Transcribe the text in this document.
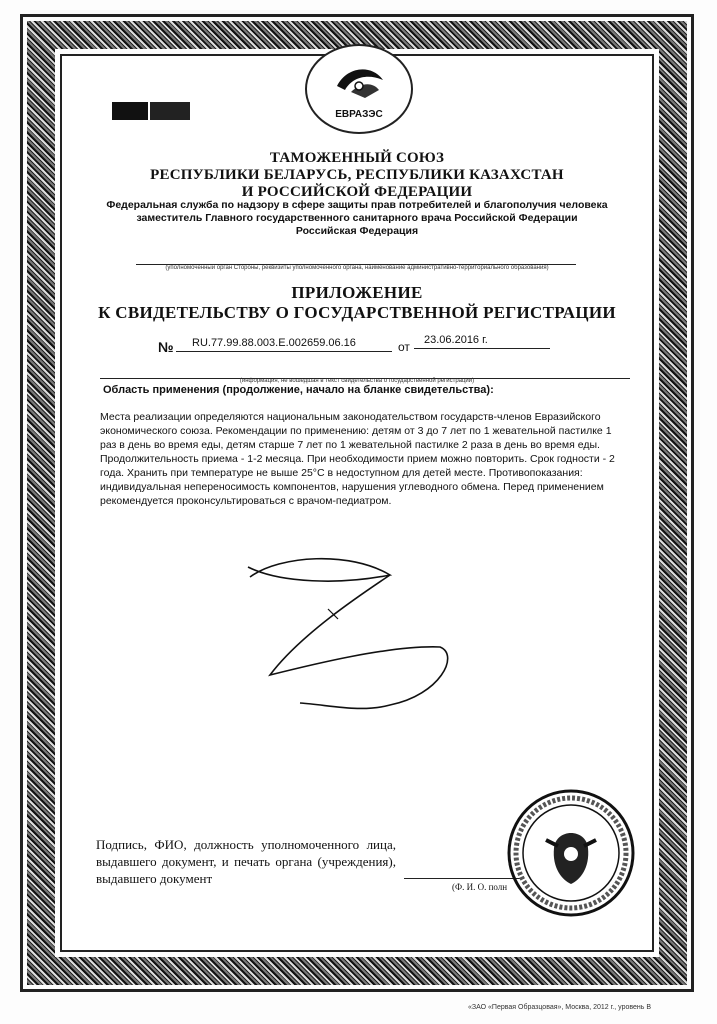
ЕВРАЗЭС
ТАМОЖЕННЫЙ СОЮЗ
РЕСПУБЛИКИ БЕЛАРУСЬ, РЕСПУБЛИКИ КАЗАХСТАН
И РОССИЙСКОЙ ФЕДЕРАЦИИ
Федеральная служба по надзору в сфере защиты прав потребителей и благополучия человека
заместитель Главного государственного санитарного врача Российской Федерации
Российская Федерация
(уполномоченный орган Стороны, реквизиты уполномоченного органа, наименование административно-территориального образования)
ПРИЛОЖЕНИЕ
К СВИДЕТЕЛЬСТВУ О ГОСУДАРСТВЕННОЙ РЕГИСТРАЦИИ
№ RU.77.99.88.003.E.002659.06.16	от 23.06.2016 г.
(информация, не вошедшая в текст свидетельства о государственной регистрации)
Область применения (продолжение, начало на бланке свидетельства):
Места реализации определяются национальным законодательством государств-членов Евразийского экономического союза. Рекомендации по применению: детям от 3 до 7 лет по 1 жевательной пастилке 1 раз в день во время еды, детям старше 7 лет по 1 жевательной пастилке 2 раза в день во время еды. Продолжительность приема - 1-2 месяца. При необходимости прием можно повторить. Срок годности - 2 года. Хранить при температуре не выше 25°С в недоступном для детей месте. Противопоказания: индивидуальная непереносимость компонентов, нарушения углеводного обмена. Перед применением рекомендуется проконсультироваться с врачом-педиатром.
Подпись, ФИО, должность уполномоченного лица, выдавшего документ, и печать органа (учреждения), выдавшего документ
(Ф. И. О. полн
«ЗАО «Первая Образцовая», Москва, 2012 г., уровень В
